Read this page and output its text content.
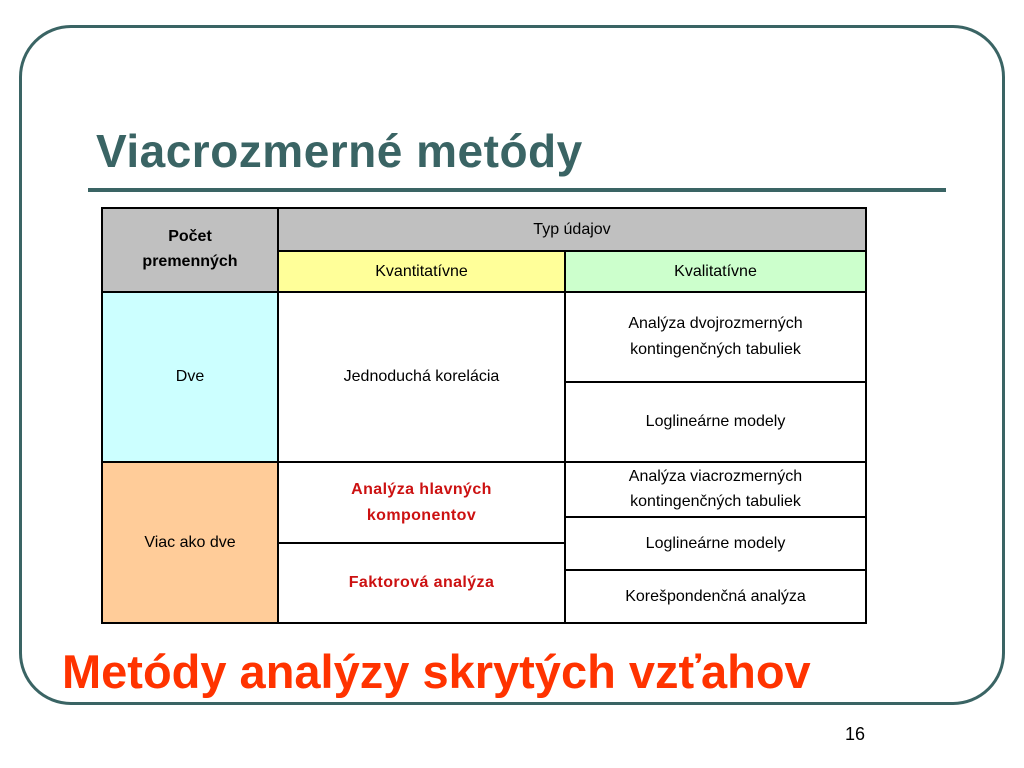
Viacrozmerné metódy
Počet premenných
Typ údajov
Kvantitatívne	Kvalitatívne
Dve	Jednoduchá korelácia
Analýza dvojrozmerných kontingenčných tabuliek
Loglineárne modely
Viac ako dve
Analýza hlavných komponentov
Faktorová analýza
Analýza viacrozmerných kontingenčných tabuliek
Loglineárne modely
Korešpondenčná analýza
Metódy analýzy skrytých vzťahov
16
